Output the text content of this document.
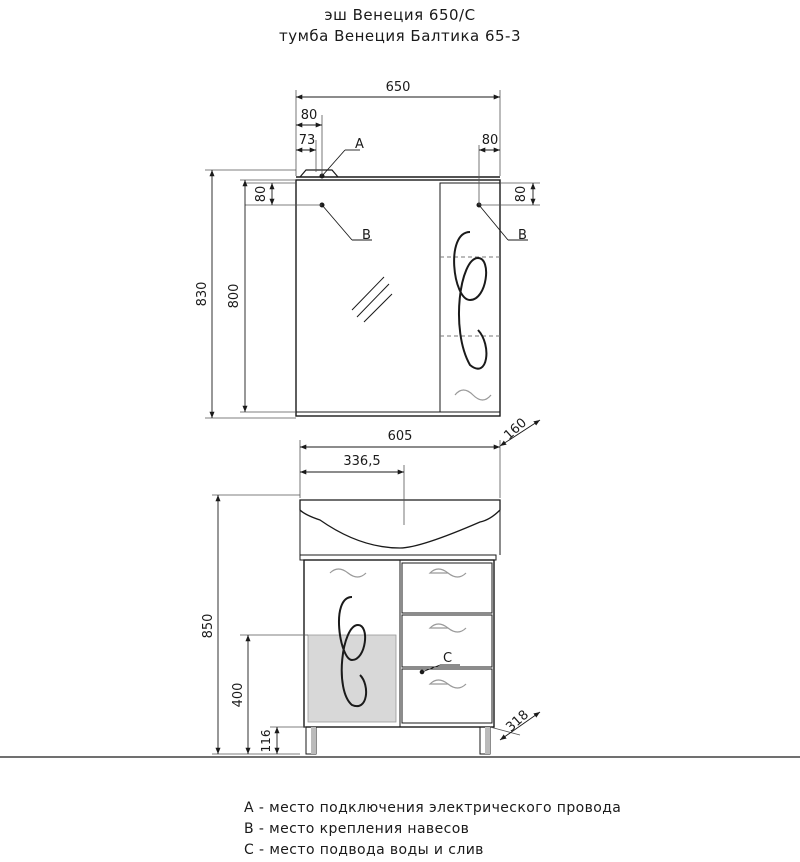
эш Венеция 650/С
тумба Венеция Балтика 65-3
650
80
73	80
A
B	B
80
80
830 800
160
605
336,5
850
400
116
318
C
A - место подключения электрического провода
B - место крепления навесов
C - место подвода воды и слив
